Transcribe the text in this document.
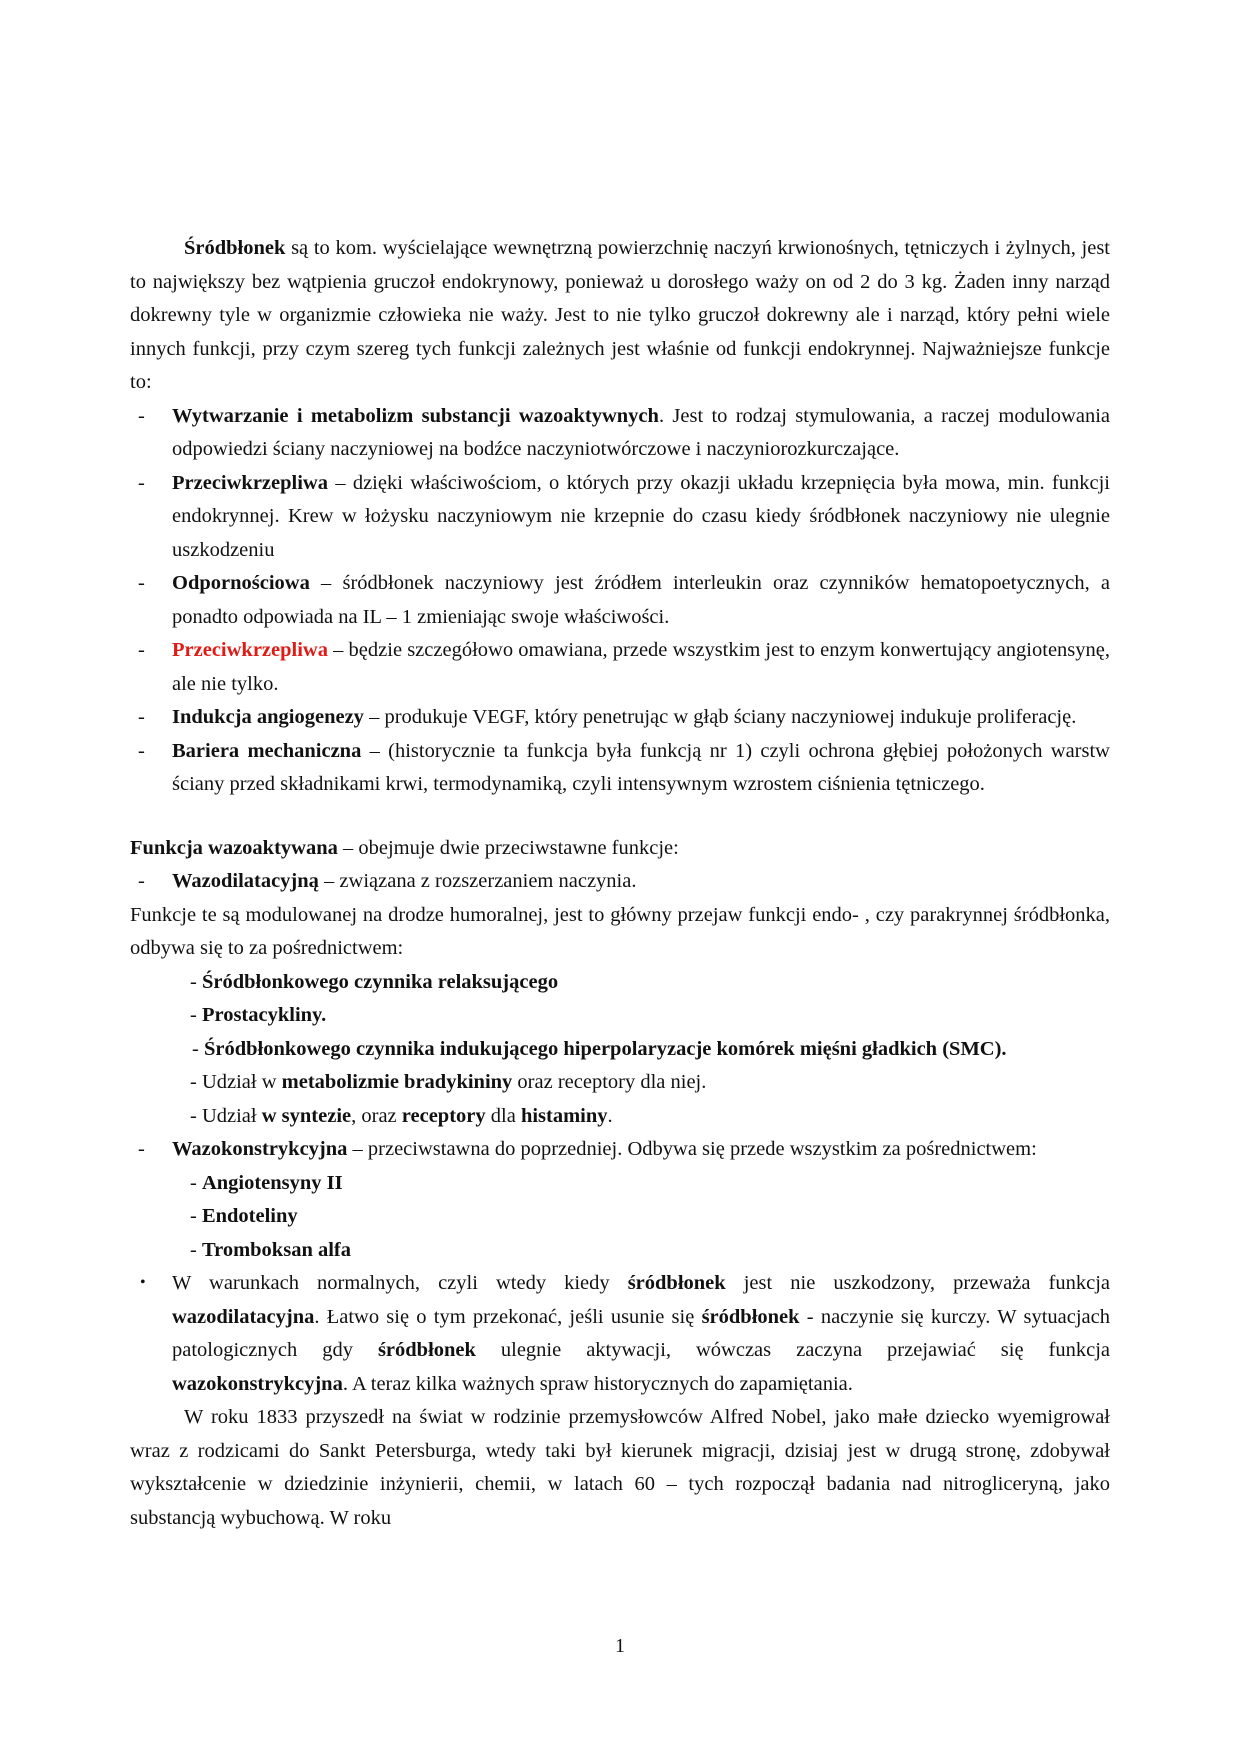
Śródbłonek są to kom. wyścielające wewnętrzną powierzchnię naczyń krwionośnych, tętniczych i żylnych, jest to największy bez wątpienia gruczoł endokrynowy, ponieważ u dorosłego waży on od 2 do 3 kg. Żaden inny narząd dokrewny tyle w organizmie człowieka nie waży. Jest to nie tylko gruczoł dokrewny ale i narząd, który pełni wiele innych funkcji, przy czym szereg tych funkcji zależnych jest właśnie od funkcji endokrynnej. Najważniejsze funkcje to:

- Wytwarzanie i metabolizm substancji wazoaktywnych. Jest to rodzaj stymulowania, a raczej modulowania odpowiedzi ściany naczyniowej na bodźce naczyniotwórczowe i naczyniorozkurczające.
- Przeciwkrzepliwa – dzięki właściwościom, o których przy okazji układu krzepnięcia była mowa, min. funkcji endokrynnej. Krew w łożysku naczyniowym nie krzepnie do czasu kiedy śródbłonek naczyniowy nie ulegnie uszkodzeniu
- Odpornościowa – śródbłonek naczyniowy jest źródłem interleukin oraz czynników hematopoetycznych, a ponadto odpowiada na IL – 1 zmieniając swoje właściwości.
- Przeciwkrzepliwa – będzie szczegółowo omawiana, przede wszystkim jest to enzym konwertujący angiotensynę, ale nie tylko.
- Indukcja angiogenezy – produkuje VEGF, który penetrując w głąb ściany naczyniowej indukuje proliferację.
- Bariera mechaniczna – (historycznie ta funkcja była funkcją nr 1) czyli ochrona głębiej położonych warstw ściany przed składnikami krwi, termodynamiką, czyli intensywnym wzrostem ciśnienia tętniczego.

Funkcja wazoaktywana – obejmuje dwie przeciwstawne funkcje:

- Wazodilatacyjną – związana z rozszerzaniem naczynia.

Funkcje te są modulowanej na drodze humoralnej, jest to główny przejaw funkcji endo- , czy parakrynnej śródbłonka, odbywa się to za pośrednictwem:

- Śródbłonkowego czynnika relaksującego
- Prostacykliny.
- Śródbłonkowego czynnika indukującego hiperpolaryzacje komórek mięśni gładkich (SMC).
- Udział w metabolizmie bradykininy oraz receptory dla niej.
- Udział w syntezie, oraz receptory dla histaminy.
- Wazokonstrykcyjna – przeciwstawna do poprzedniej. Odbywa się przede wszystkim za pośrednictwem:
- Angiotensyny II
- Endoteliny
- Tromboksan alfa
• W warunkach normalnych, czyli wtedy kiedy śródbłonek jest nie uszkodzony, przeważa funkcja wazodilatacyjna. Łatwo się o tym przekonać, jeśli usunie się śródbłonek - naczynie się kurczy. W sytuacjach patologicznych gdy śródbłonek ulegnie aktywacji, wówczas zaczyna przejawiać się funkcja wazokonstrykcyjna. A teraz kilka ważnych spraw historycznych do zapamiętania.

W roku 1833 przyszedł na świat w rodzinie przemysłowców Alfred Nobel, jako małe dziecko wyemigrował wraz z rodzicami do Sankt Petersburga, wtedy taki był kierunek migracji, dzisiaj jest w drugą stronę, zdobywał wykształcenie w dziedzinie inżynierii, chemii, w latach 60 – tych rozpoczął badania nad nitrogliceryną, jako substancją wybuchową. W roku

1
